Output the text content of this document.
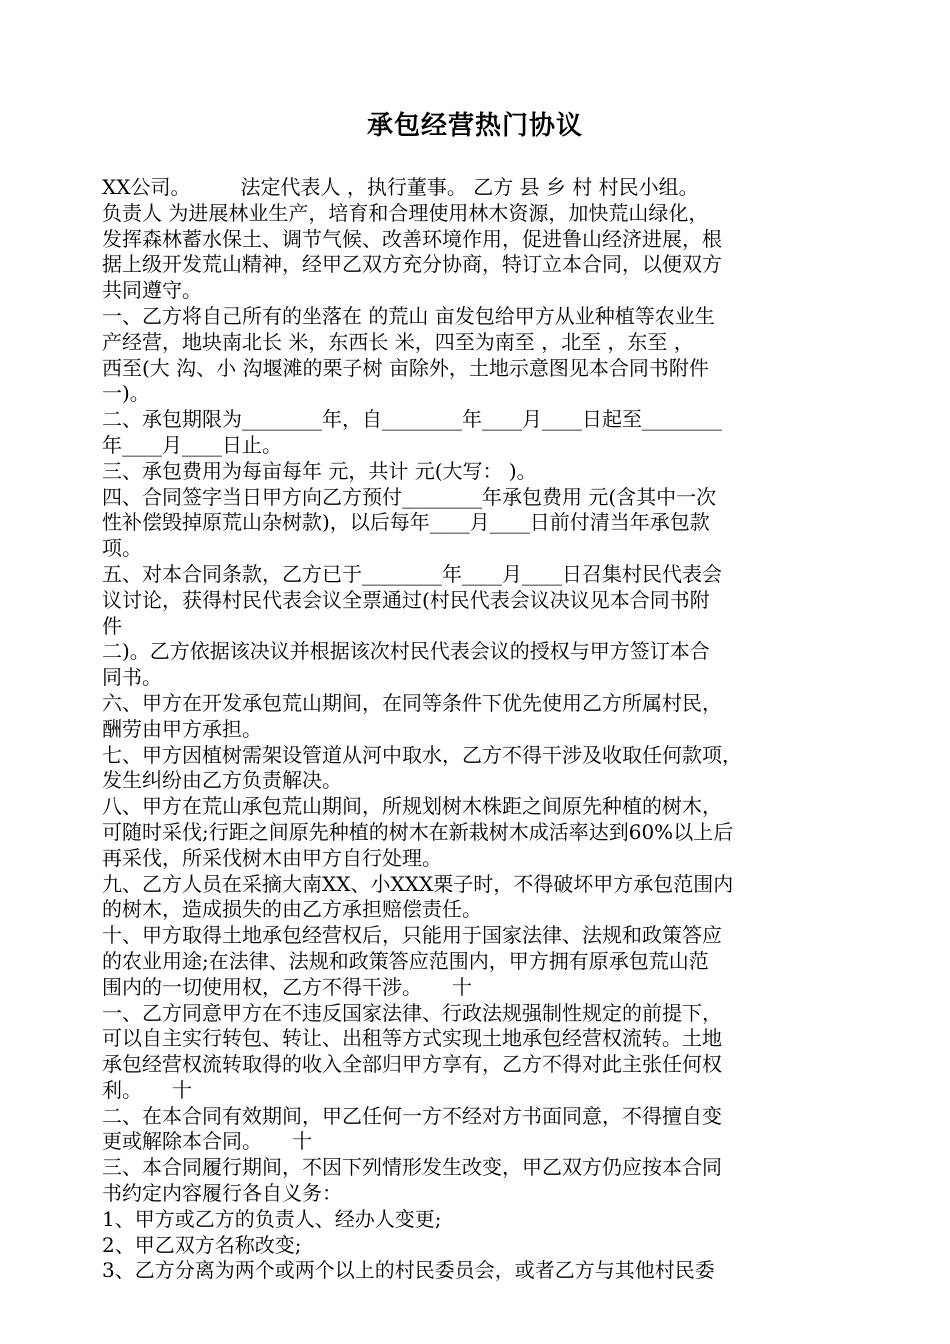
承包经营热门协议
XX公司。　　　法定代表人 ，执行董事。 乙方 县 乡 村 村民小组。
负责人 为进展林业生产，培育和合理使用林木资源，加快荒山绿化，
发挥森林蓄水保土、调节气候、改善环境作用，促进鲁山经济进展，根
据上级开发荒山精神，经甲乙双方充分协商，特订立本合同，以便双方
共同遵守。
一、乙方将自己所有的坐落在 的荒山 亩发包给甲方从业种植等农业生
产经营，地块南北长 米，东西长 米，四至为南至 ，北至 ，东至 ，
西至(大 沟、小 沟堰滩的栗子树 亩除外，土地示意图见本合同书附件
一)。
二、承包期限为________年，自________年____月____日起至________
年____月____日止。
三、承包费用为每亩每年 元，共计 元(大写： )。
四、合同签字当日甲方向乙方预付________年承包费用 元(含其中一次
性补偿毁掉原荒山杂树款)，以后每年____月____日前付清当年承包款
项。
五、对本合同条款，乙方已于________年____月____日召集村民代表会
议讨论，获得村民代表会议全票通过(村民代表会议决议见本合同书附
件
二)。乙方依据该决议并根据该次村民代表会议的授权与甲方签订本合
同书。
六、甲方在开发承包荒山期间，在同等条件下优先使用乙方所属村民，
酬劳由甲方承担。
七、甲方因植树需架设管道从河中取水，乙方不得干涉及收取任何款项，
发生纠纷由乙方负责解决。
八、甲方在荒山承包荒山期间，所规划树木株距之间原先种植的树木，
可随时采伐;行距之间原先种植的树木在新栽树木成活率达到60%以上后
再采伐，所采伐树木由甲方自行处理。
九、乙方人员在采摘大南XX、小XXX栗子时，不得破坏甲方承包范围内
的树木，造成损失的由乙方承担赔偿责任。
十、甲方取得土地承包经营权后，只能用于国家法律、法规和政策答应
的农业用途;在法律、法规和政策答应范围内，甲方拥有原承包荒山范
围内的一切使用权，乙方不得干涉。　　十
一、乙方同意甲方在不违反国家法律、行政法规强制性规定的前提下，
可以自主实行转包、转让、出租等方式实现土地承包经营权流转。土地
承包经营权流转取得的收入全部归甲方享有，乙方不得对此主张任何权
利。　　十
二、在本合同有效期间，甲乙任何一方不经对方书面同意，不得擅自变
更或解除本合同。　　十
三、本合同履行期间，不因下列情形发生改变，甲乙双方仍应按本合同
书约定内容履行各自义务：
1、甲方或乙方的负责人、经办人变更;
2、甲乙双方名称改变;
3、乙方分离为两个或两个以上的村民委员会，或者乙方与其他村民委
